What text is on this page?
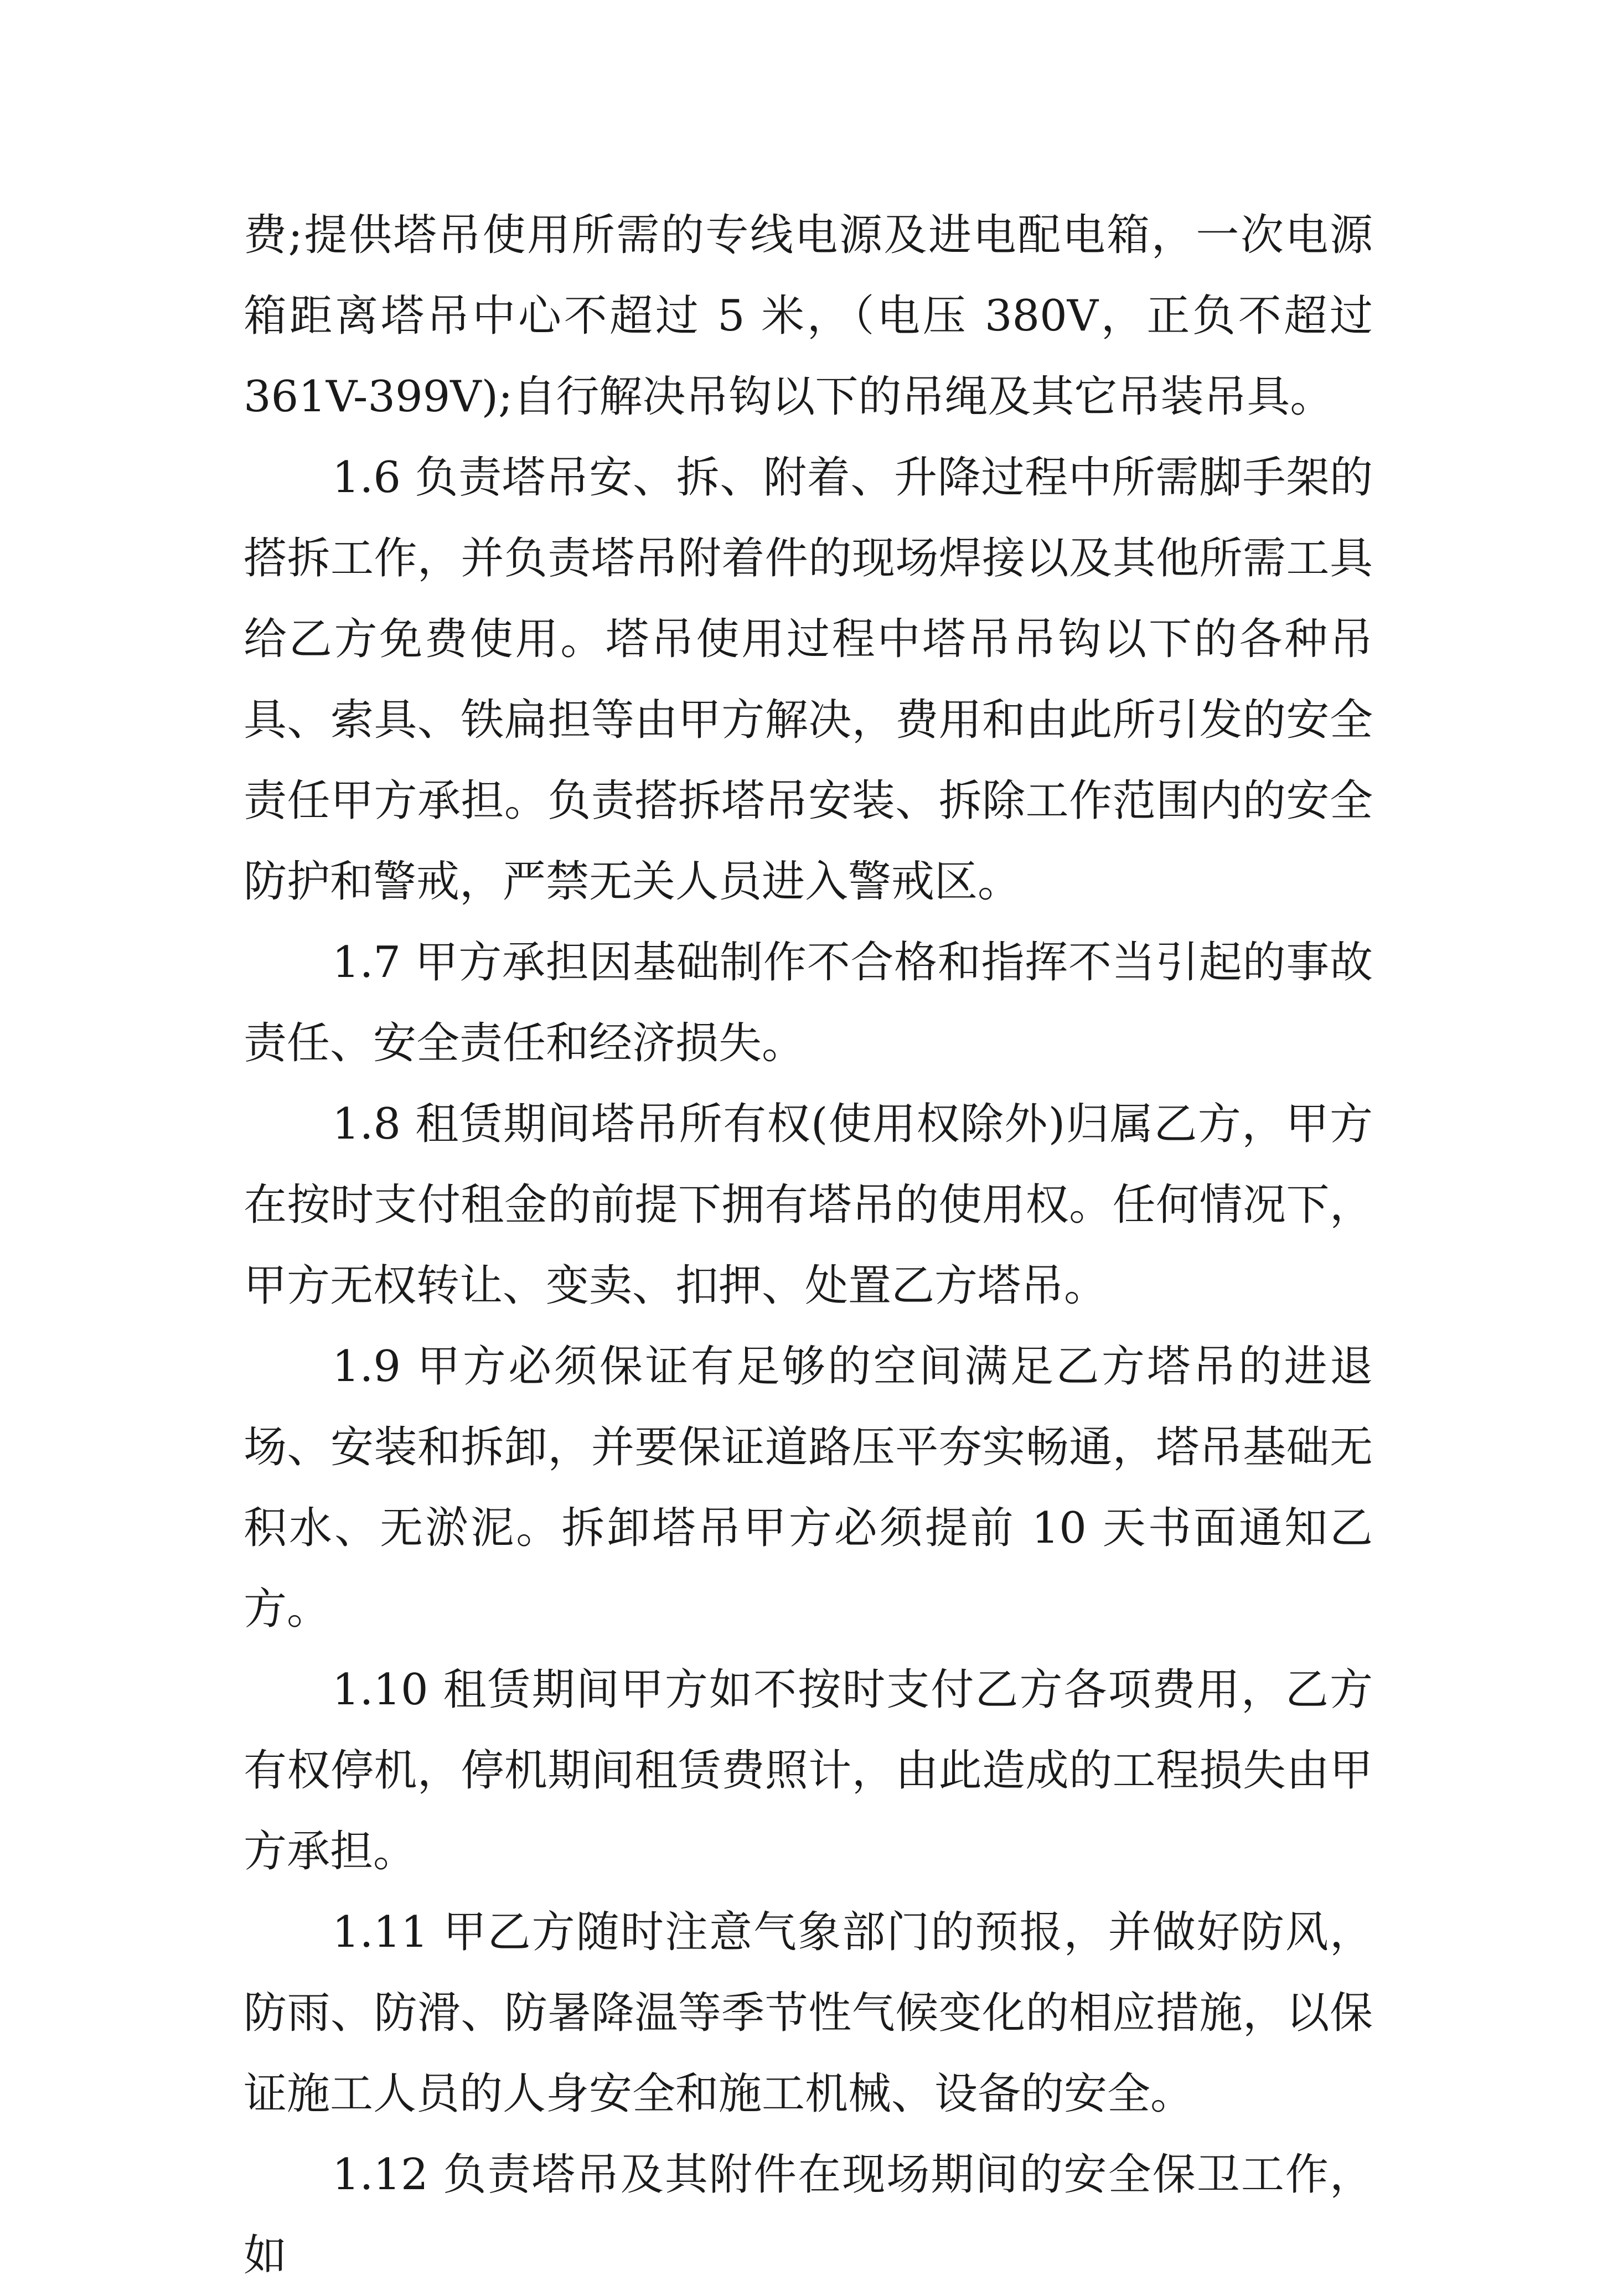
费;提供塔吊使用所需的专线电源及进电配电箱，一次电源箱距离塔吊中心不超过 5 米，（电压 380V，正负不超过 361V-399V);自行解决吊钩以下的吊绳及其它吊装吊具。

1.6 负责塔吊安、拆、附着、升降过程中所需脚手架的搭拆工作，并负责塔吊附着件的现场焊接以及其他所需工具给乙方免费使用。塔吊使用过程中塔吊吊钩以下的各种吊具、索具、铁扁担等由甲方解决，费用和由此所引发的安全责任甲方承担。负责搭拆塔吊安装、拆除工作范围内的安全防护和警戒，严禁无关人员进入警戒区。

1.7 甲方承担因基础制作不合格和指挥不当引起的事故责任、安全责任和经济损失。

1.8 租赁期间塔吊所有权(使用权除外)归属乙方，甲方在按时支付租金的前提下拥有塔吊的使用权。任何情况下，甲方无权转让、变卖、扣押、处置乙方塔吊。

1.9 甲方必须保证有足够的空间满足乙方塔吊的进退场、安装和拆卸，并要保证道路压平夯实畅通，塔吊基础无积水、无淤泥。拆卸塔吊甲方必须提前 10 天书面通知乙方。

1.10 租赁期间甲方如不按时支付乙方各项费用，乙方有权停机，停机期间租赁费照计，由此造成的工程损失由甲方承担。

1.11 甲乙方随时注意气象部门的预报，并做好防风，防雨、防滑、防暑降温等季节性气候变化的相应措施，以保证施工人员的人身安全和施工机械、设备的安全。

1.12 负责塔吊及其附件在现场期间的安全保卫工作，如
